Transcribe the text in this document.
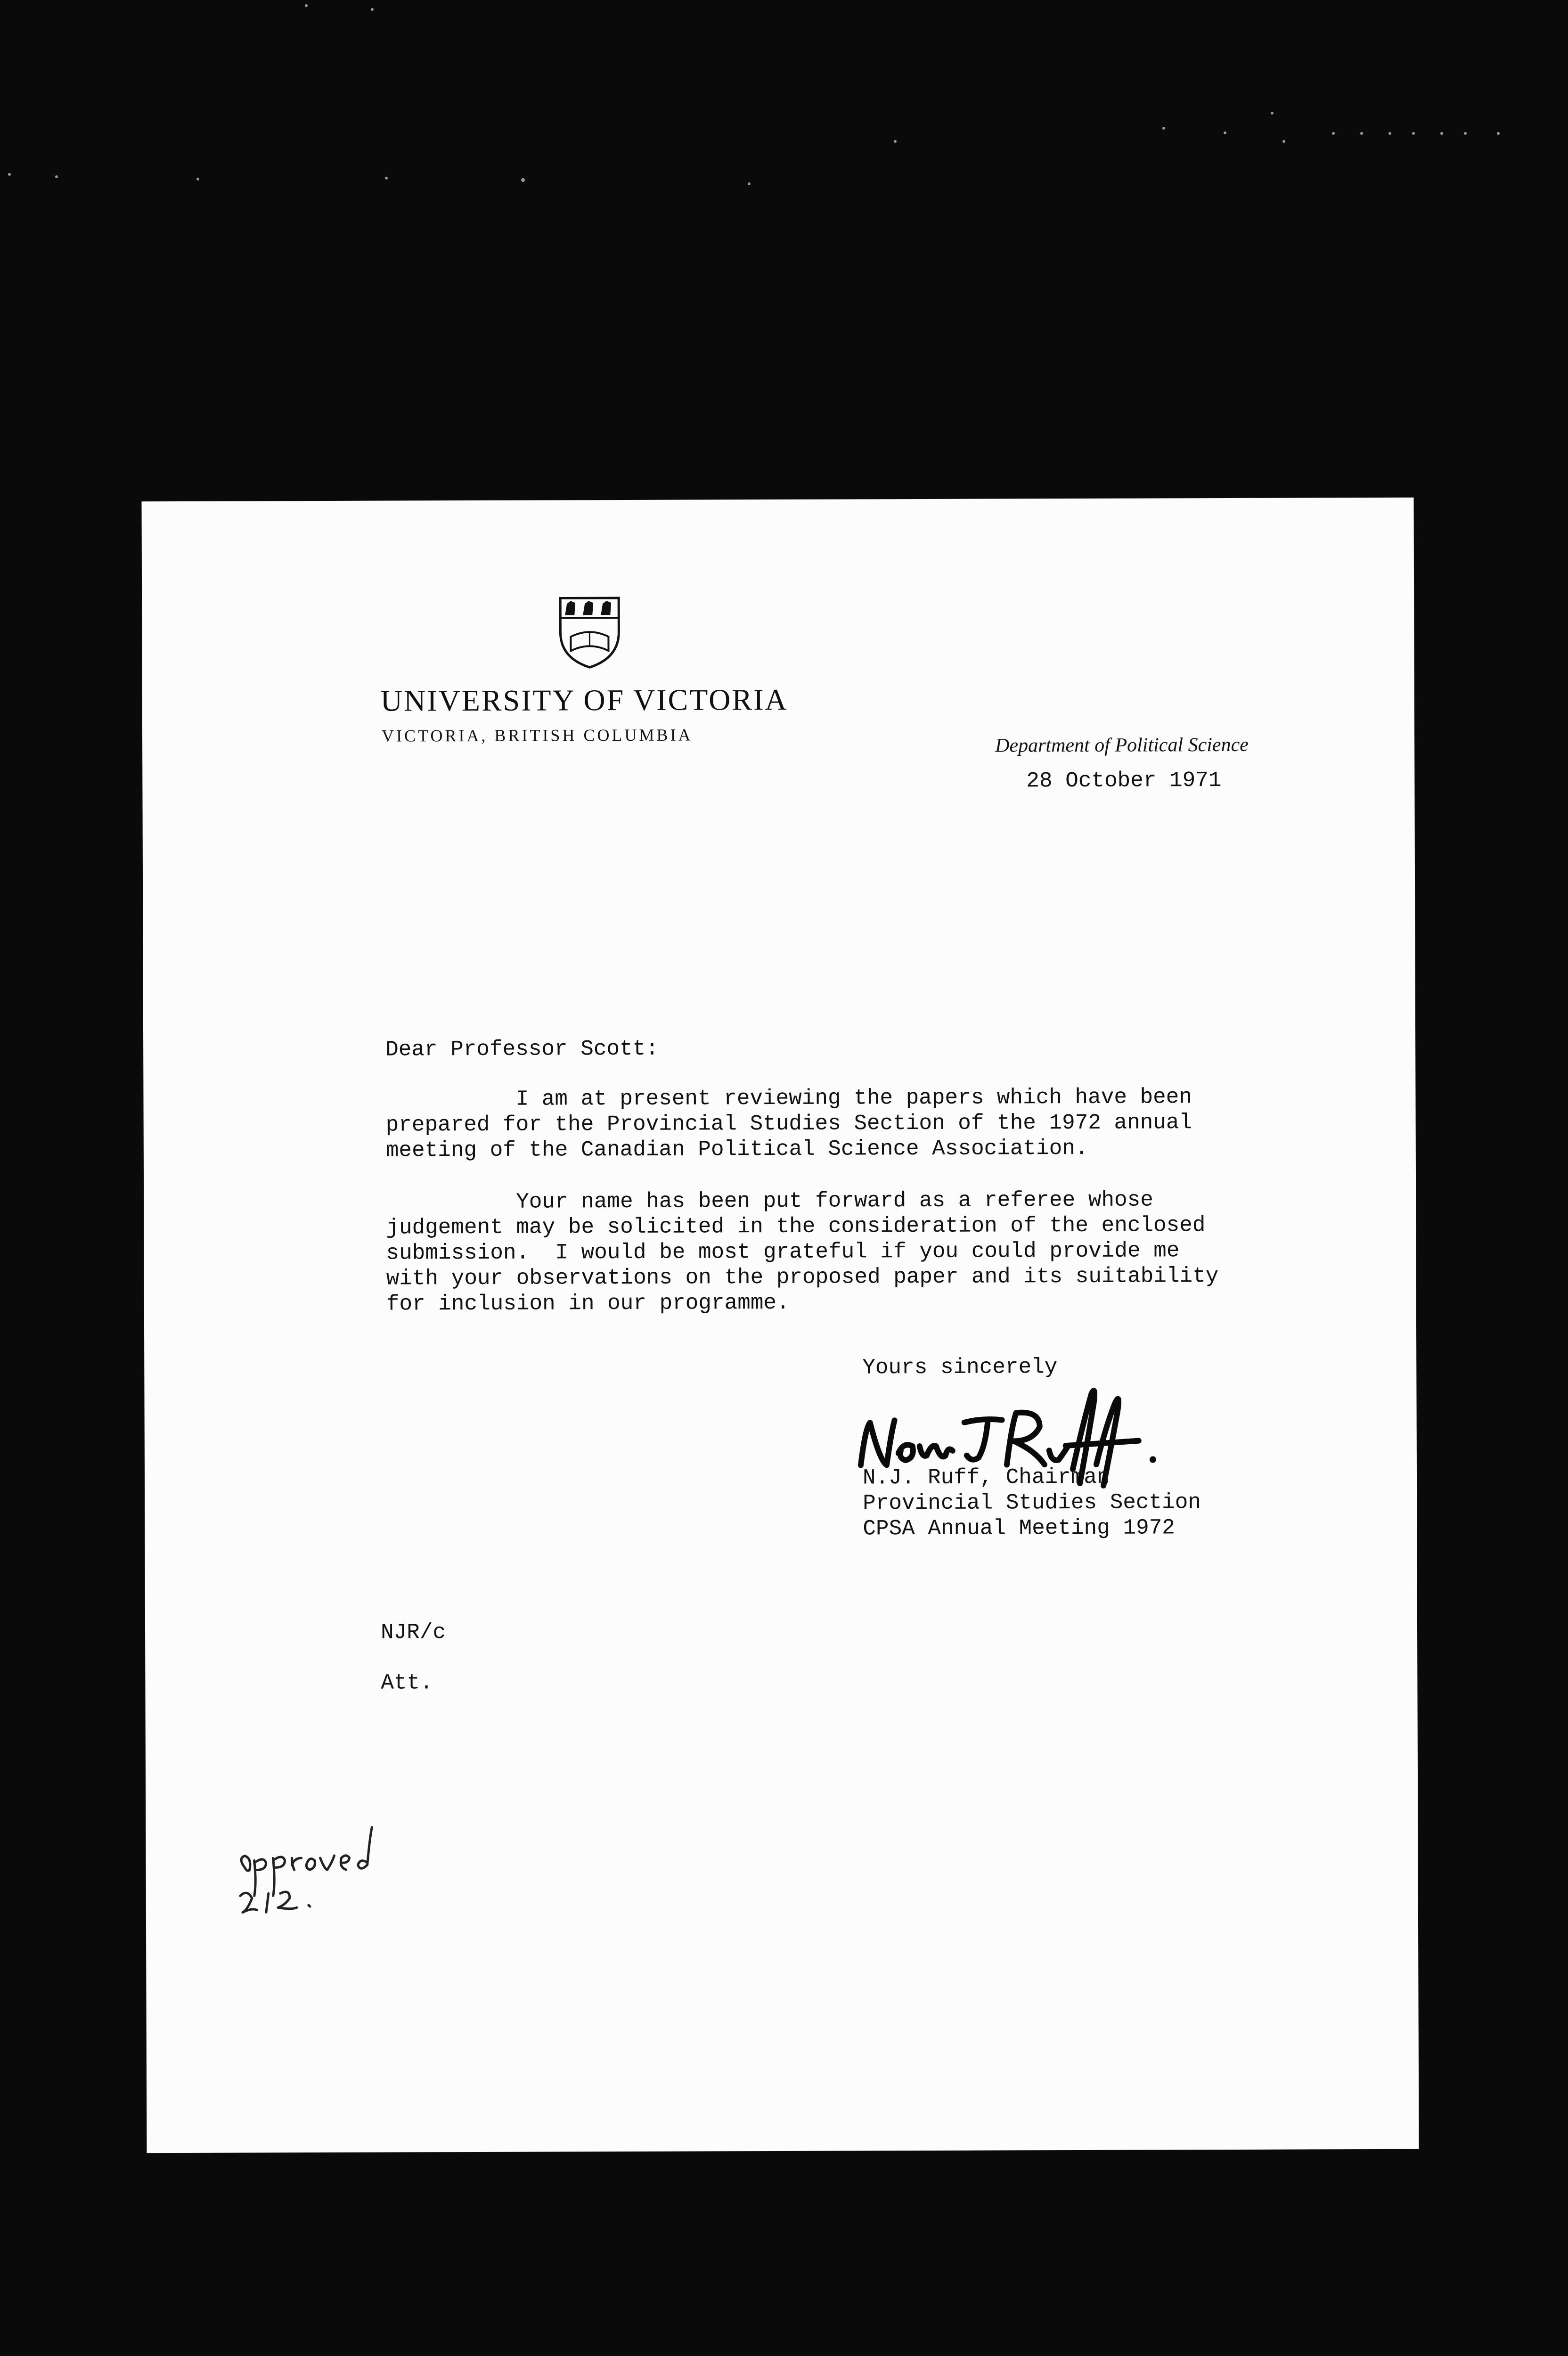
UNIVERSITY OF VICTORIA
VICTORIA, BRITISH COLUMBIA	Department of Political Science
28 October 1971
Dear Professor Scott:
I am at present reviewing the papers which have been
prepared for the Provincial Studies Section of the 1972 annual
meeting of the Canadian Political Science Association.
Your name has been put forward as a referee whose
judgement may be solicited in the consideration of the enclosed
submission.  I would be most grateful if you could provide me
with your observations on the proposed paper and its suitability
for inclusion in our programme.
Yours sincerely
N.J. Ruff, Chairman
Provincial Studies Section
CPSA Annual Meeting 1972
NJR/c
Att.
